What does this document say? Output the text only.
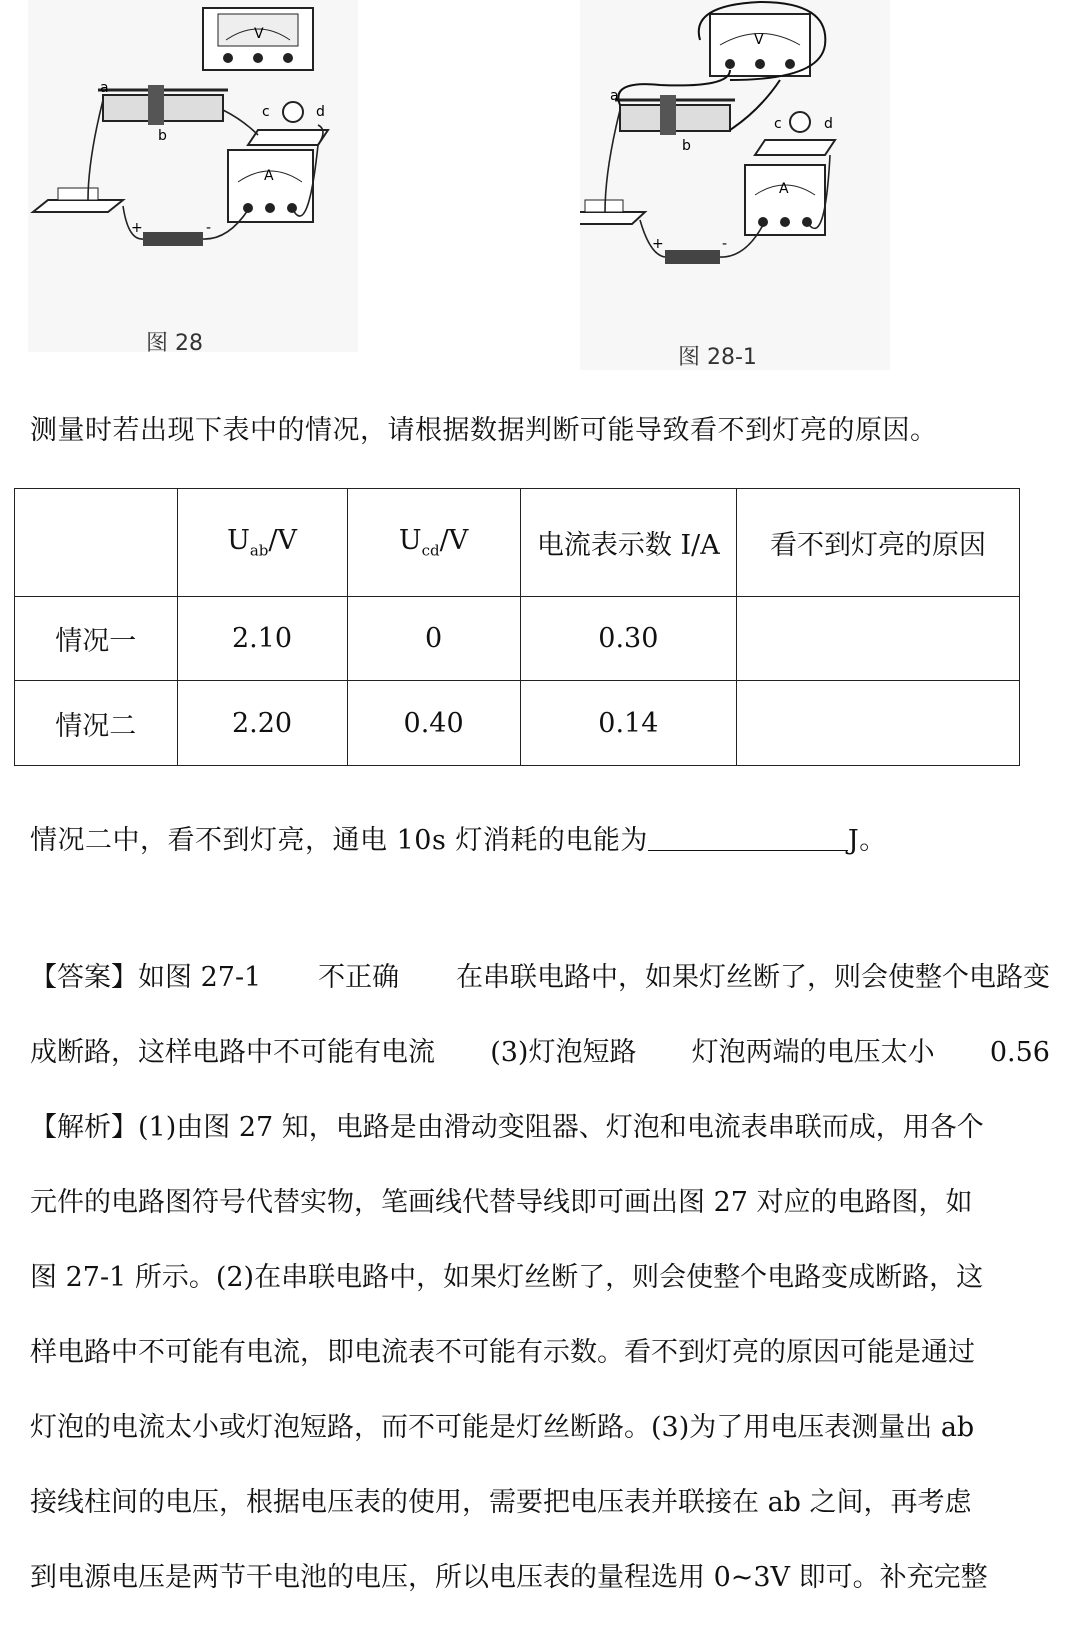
V
a
b
c	d
A
+	-
图 28
V
a
b
c	d
A
+	-
图 28-1
测量时若出现下表中的情况，请根据数据判断可能导致看不到灯亮的原因。
	$U_{ab}/V$	$U_{cd}/V$	电流表示数 I/A	看不到灯亮的原因
情况一	2.10	0	0.30	
情况二	2.20	0.40	0.14	
情况二中，看不到灯亮，通电 10s 灯消耗的电能为	J。
【答案】如图 27-1 不正确 在串联电路中，如果灯丝断了，则会使整个电路变
成断路，这样电路中不可能有电流 (3)灯泡短路 灯泡两端的电压太小 0.56
【解析】(1)由图 27 知，电路是由滑动变阻器、灯泡和电流表串联而成，用各个
元件的电路图符号代替实物，笔画线代替导线即可画出图 27 对应的电路图，如
图 27-1 所示。(2)在串联电路中，如果灯丝断了，则会使整个电路变成断路，这
样电路中不可能有电流，即电流表不可能有示数。看不到灯亮的原因可能是通过
灯泡的电流太小或灯泡短路，而不可能是灯丝断路。(3)为了用电压表测量出 ab
接线柱间的电压，根据电压表的使用，需要把电压表并联接在 ab 之间，再考虑
到电源电压是两节干电池的电压，所以电压表的量程选用 0~3V 即可。补充完整
